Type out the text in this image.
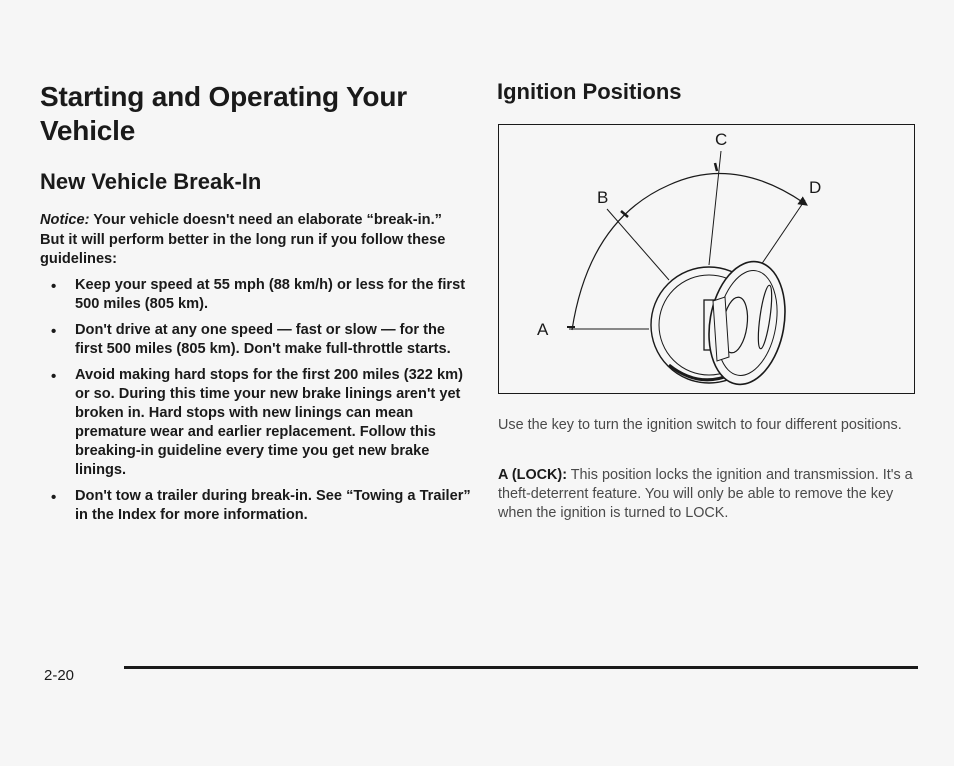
Starting and Operating Your Vehicle
New Vehicle Break-In

Notice: Your vehicle doesn't need an elaborate “break-in.” But it will perform better in the long run if you follow these guidelines:

• Keep your speed at 55 mph (88 km/h) or less for the first 500 miles (805 km).
• Don't drive at any one speed — fast or slow — for the first 500 miles (805 km). Don't make full-throttle starts.
• Avoid making hard stops for the first 200 miles (322 km) or so. During this time your new brake linings aren't yet broken in. Hard stops with new linings can mean premature wear and earlier replacement. Follow this breaking-in guideline every time you get new brake linings.
• Don't tow a trailer during break-in. See “Towing a Trailer” in the Index for more information.
Ignition Positions
A
B
C
D

Use the key to turn the ignition switch to four different positions.

A (LOCK): This position locks the ignition and transmission. It's a theft-deterrent feature. You will only be able to remove the key when the ignition is turned to LOCK.

2-20
